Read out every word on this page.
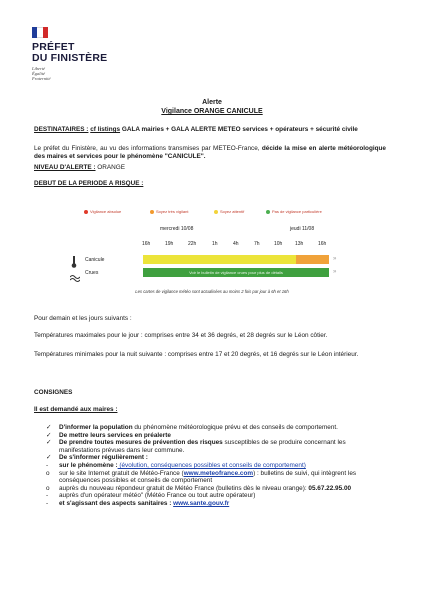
PRÉFET
DU FINISTÈRE
Liberté
Égalité
Fraternité
Alerte
Vigilance ORANGE CANICULE
DESTINATAIRES : cf listings GALA mairies + GALA ALERTE METEO services + opérateurs + sécurité civile
Le préfet du Finistère, au vu des informations transmises par METEO-France, décide la mise en alerte météorologique des maires et services pour le phénomène "CANICULE".
NIVEAU D'ALERTE : ORANGE
DEBUT DE LA PERIODE A RISQUE :
Vigilance absolue	Soyez très vigilant	Soyez attentif	Pas de vigilance particulière
mercredi 10/08	jeudi 11/08
16h	19h	22h	1h	4h	7h	10h	13h	16h
Canicule	»
Crues	Voir le bulletin de vigilance crues pour plus de détails	»
Les cartes de vigilance météo sont actualisées au moins 2 fois par jour à 6h et 16h
Pour demain et les jours suivants :
Températures maximales pour le jour : comprises entre 34 et 36 degrés, et 28 degrés sur le Léon côtier.
Températures minimales pour la nuit suivante : comprises entre 17 et 20 degrés, et 16 degrés sur le Léon intérieur.
CONSIGNES
Il est demandé aux maires :
✓ D'informer la population du phénomène météorologique prévu et des conseils de comportement.
✓ De mettre leurs services en préalerte
✓ De prendre toutes mesures de prévention des risques susceptibles de se produire concernant les manifestations prévues dans leur commune.
✓ De s'informer régulièrement :
- sur le phénomène : (évolution, conséquences possibles et conseils de comportement)
o sur le site Internet gratuit de Météo-France (www.meteofrance.com) : bulletins de suivi, qui intègrent les conséquences possibles et conseils de comportement
o auprès du nouveau répondeur gratuit de Météo France (bulletins dès le niveau orange): 05.67.22.95.00
- auprès d'un opérateur météo" (Météo France ou tout autre opérateur)
- et s'agissant des aspects sanitaires : www.sante.gouv.fr
